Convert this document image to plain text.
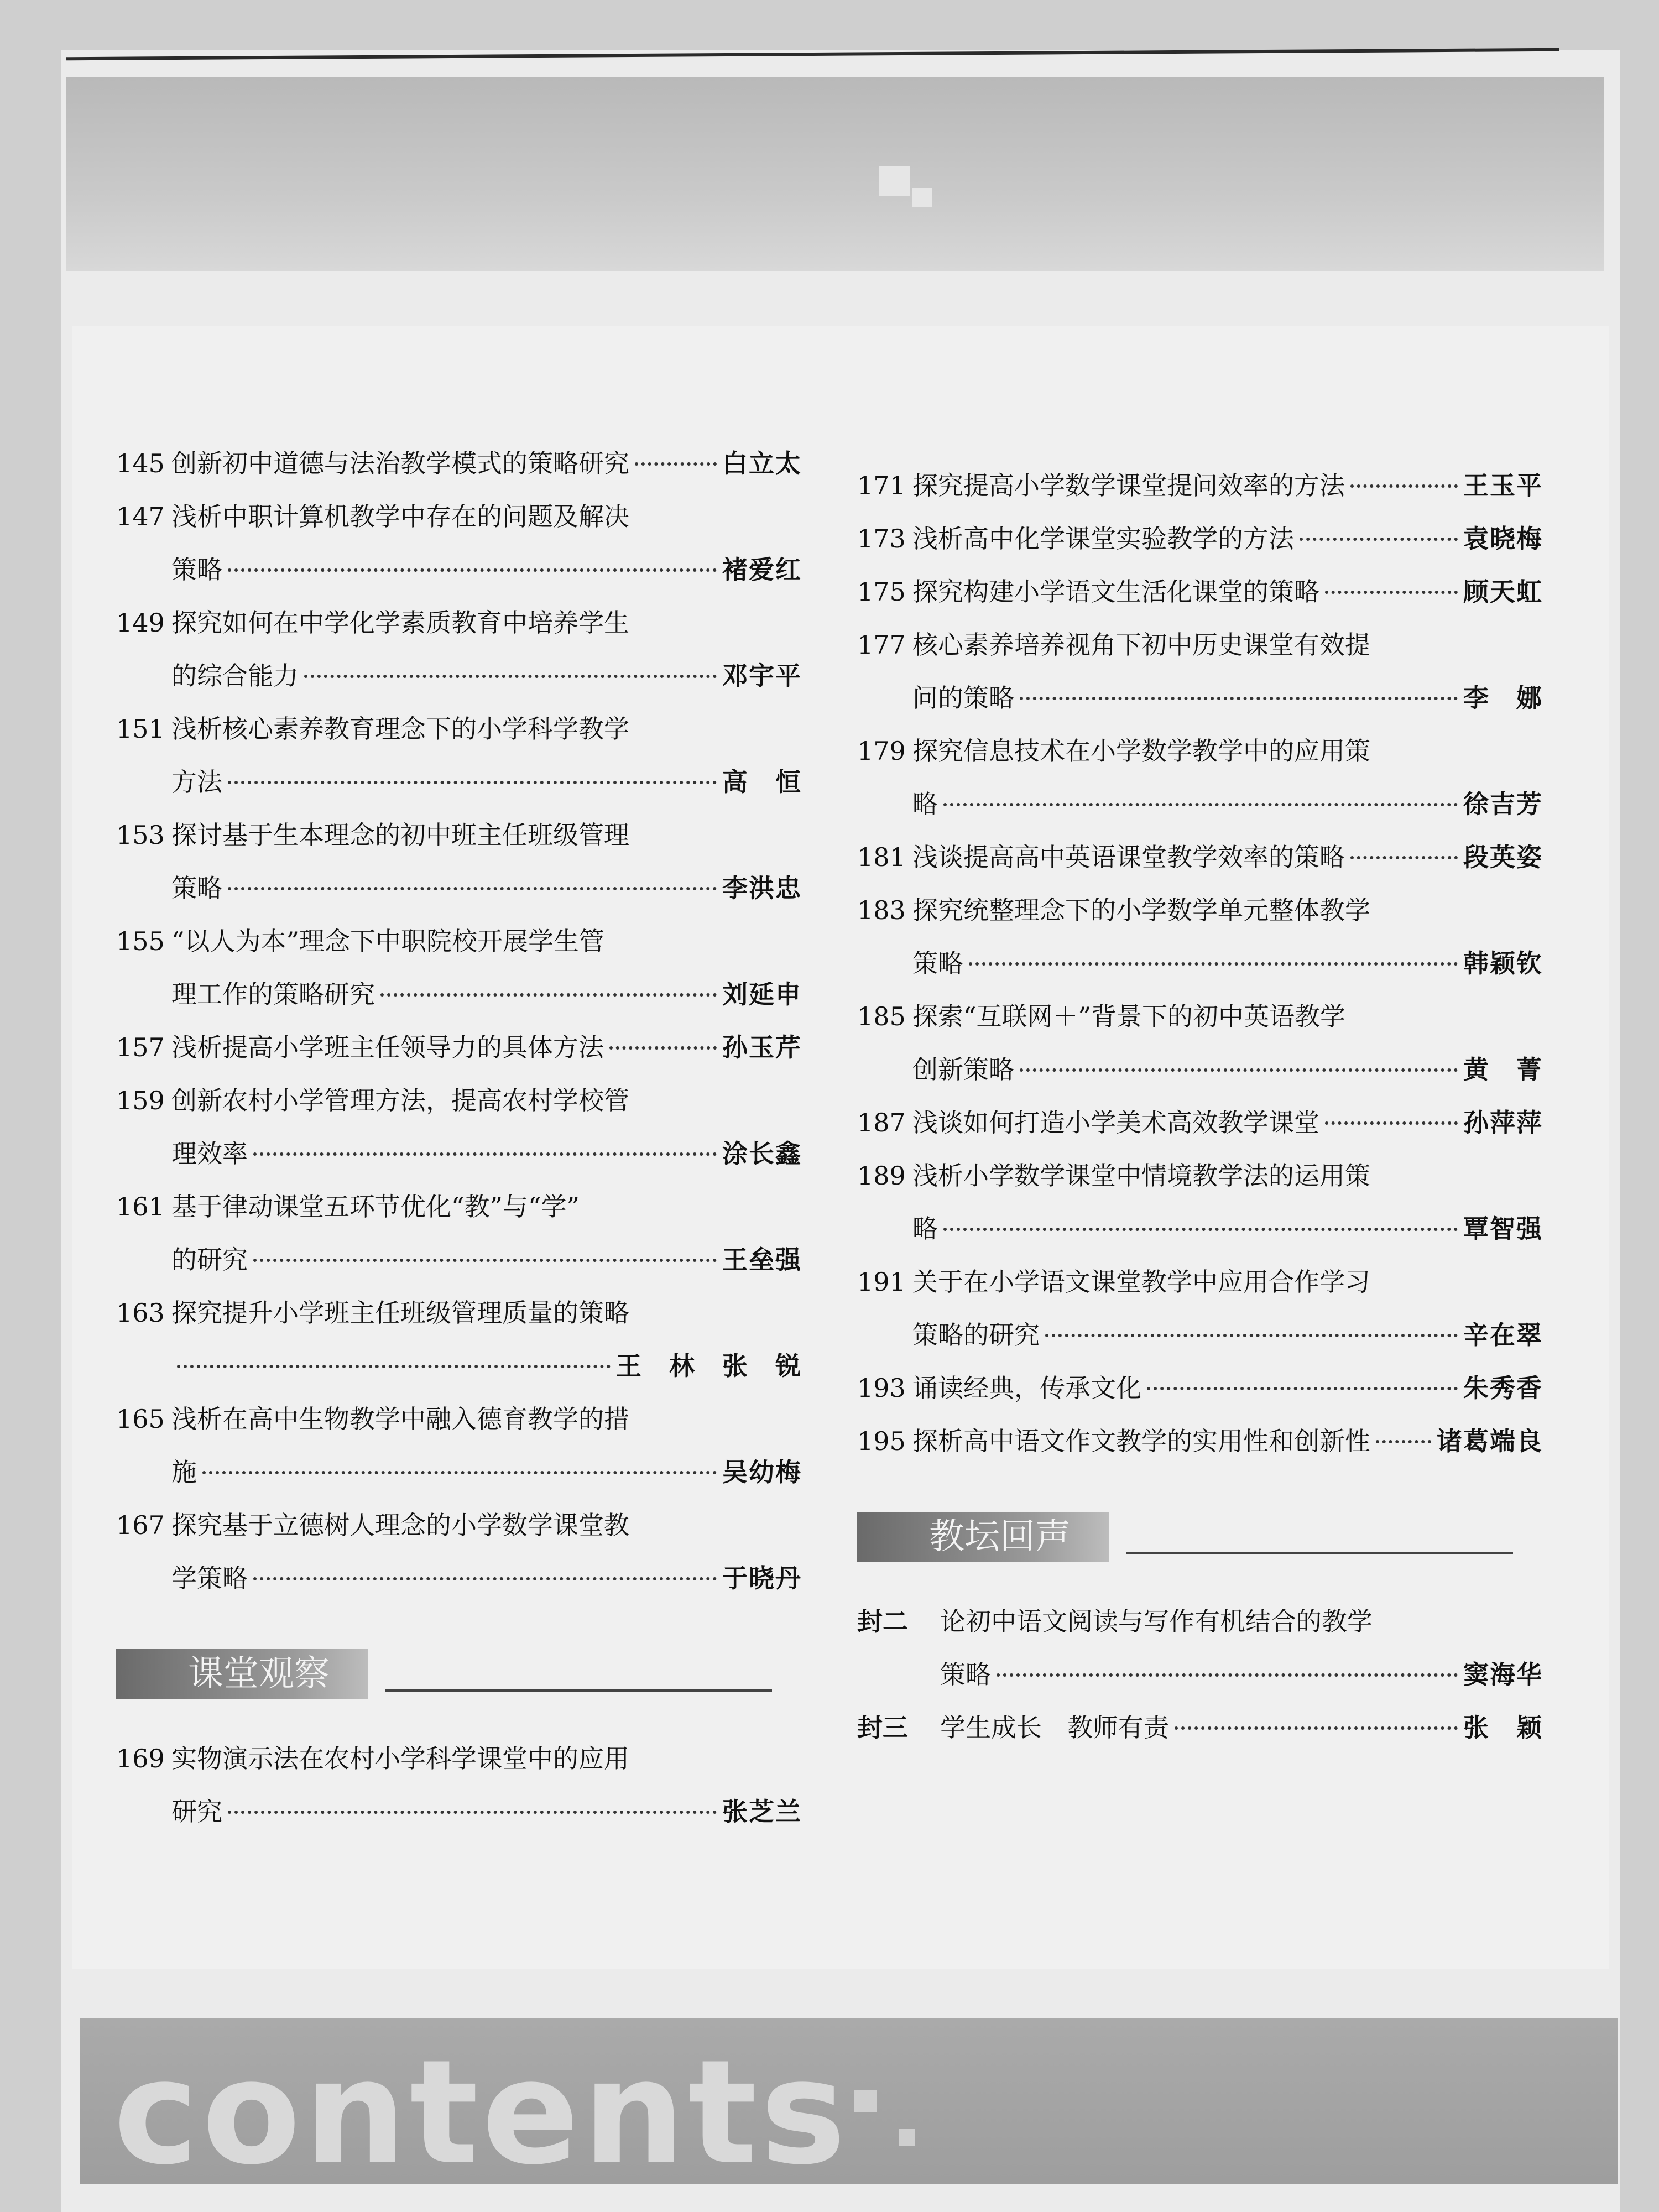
145 创新初中道德与法治教学模式的策略研究	白立太
147 浅析中职计算机教学中存在的问题及解决
策略	褚爱红
149 探究如何在中学化学素质教育中培养学生
的综合能力	邓宇平
151 浅析核心素养教育理念下的小学科学教学
方法	高　恒
153 探讨基于生本理念的初中班主任班级管理
策略	李洪忠
155 “以人为本”理念下中职院校开展学生管
理工作的策略研究	刘延申
157 浅析提高小学班主任领导力的具体方法	孙玉芹
159 创新农村小学管理方法，提高农村学校管
理效率	涂长鑫
161 基于律动课堂五环节优化“教”与“学”
的研究	王垒强
163 探究提升小学班主任班级管理质量的策略
王　林　张　锐
165 浅析在高中生物教学中融入德育教学的措
施	吴幼梅
167 探究基于立德树人理念的小学数学课堂教
学策略	于晓丹
课堂观察
169 实物演示法在农村小学科学课堂中的应用
研究	张芝兰
171 探究提高小学数学课堂提问效率的方法	王玉平
173 浅析高中化学课堂实验教学的方法	袁晓梅
175 探究构建小学语文生活化课堂的策略	顾天虹
177 核心素养培养视角下初中历史课堂有效提
问的策略	李　娜
179 探究信息技术在小学数学教学中的应用策
略	徐吉芳
181 浅谈提高高中英语课堂教学效率的策略	段英姿
183 探究统整理念下的小学数学单元整体教学
策略	韩颖钦
185 探索“互联网＋”背景下的初中英语教学
创新策略	黄　菁
187 浅谈如何打造小学美术高效教学课堂	孙萍萍
189 浅析小学数学课堂中情境教学法的运用策
略	覃智强
191 关于在小学语文课堂教学中应用合作学习
策略的研究	辛在翠
193 诵读经典，传承文化	朱秀香
195 探析高中语文作文教学的实用性和创新性	诸葛端良
教坛回声
封二	论初中语文阅读与写作有机结合的教学
策略	窦海华
封三	学生成长　教师有责	张　颖
contents
